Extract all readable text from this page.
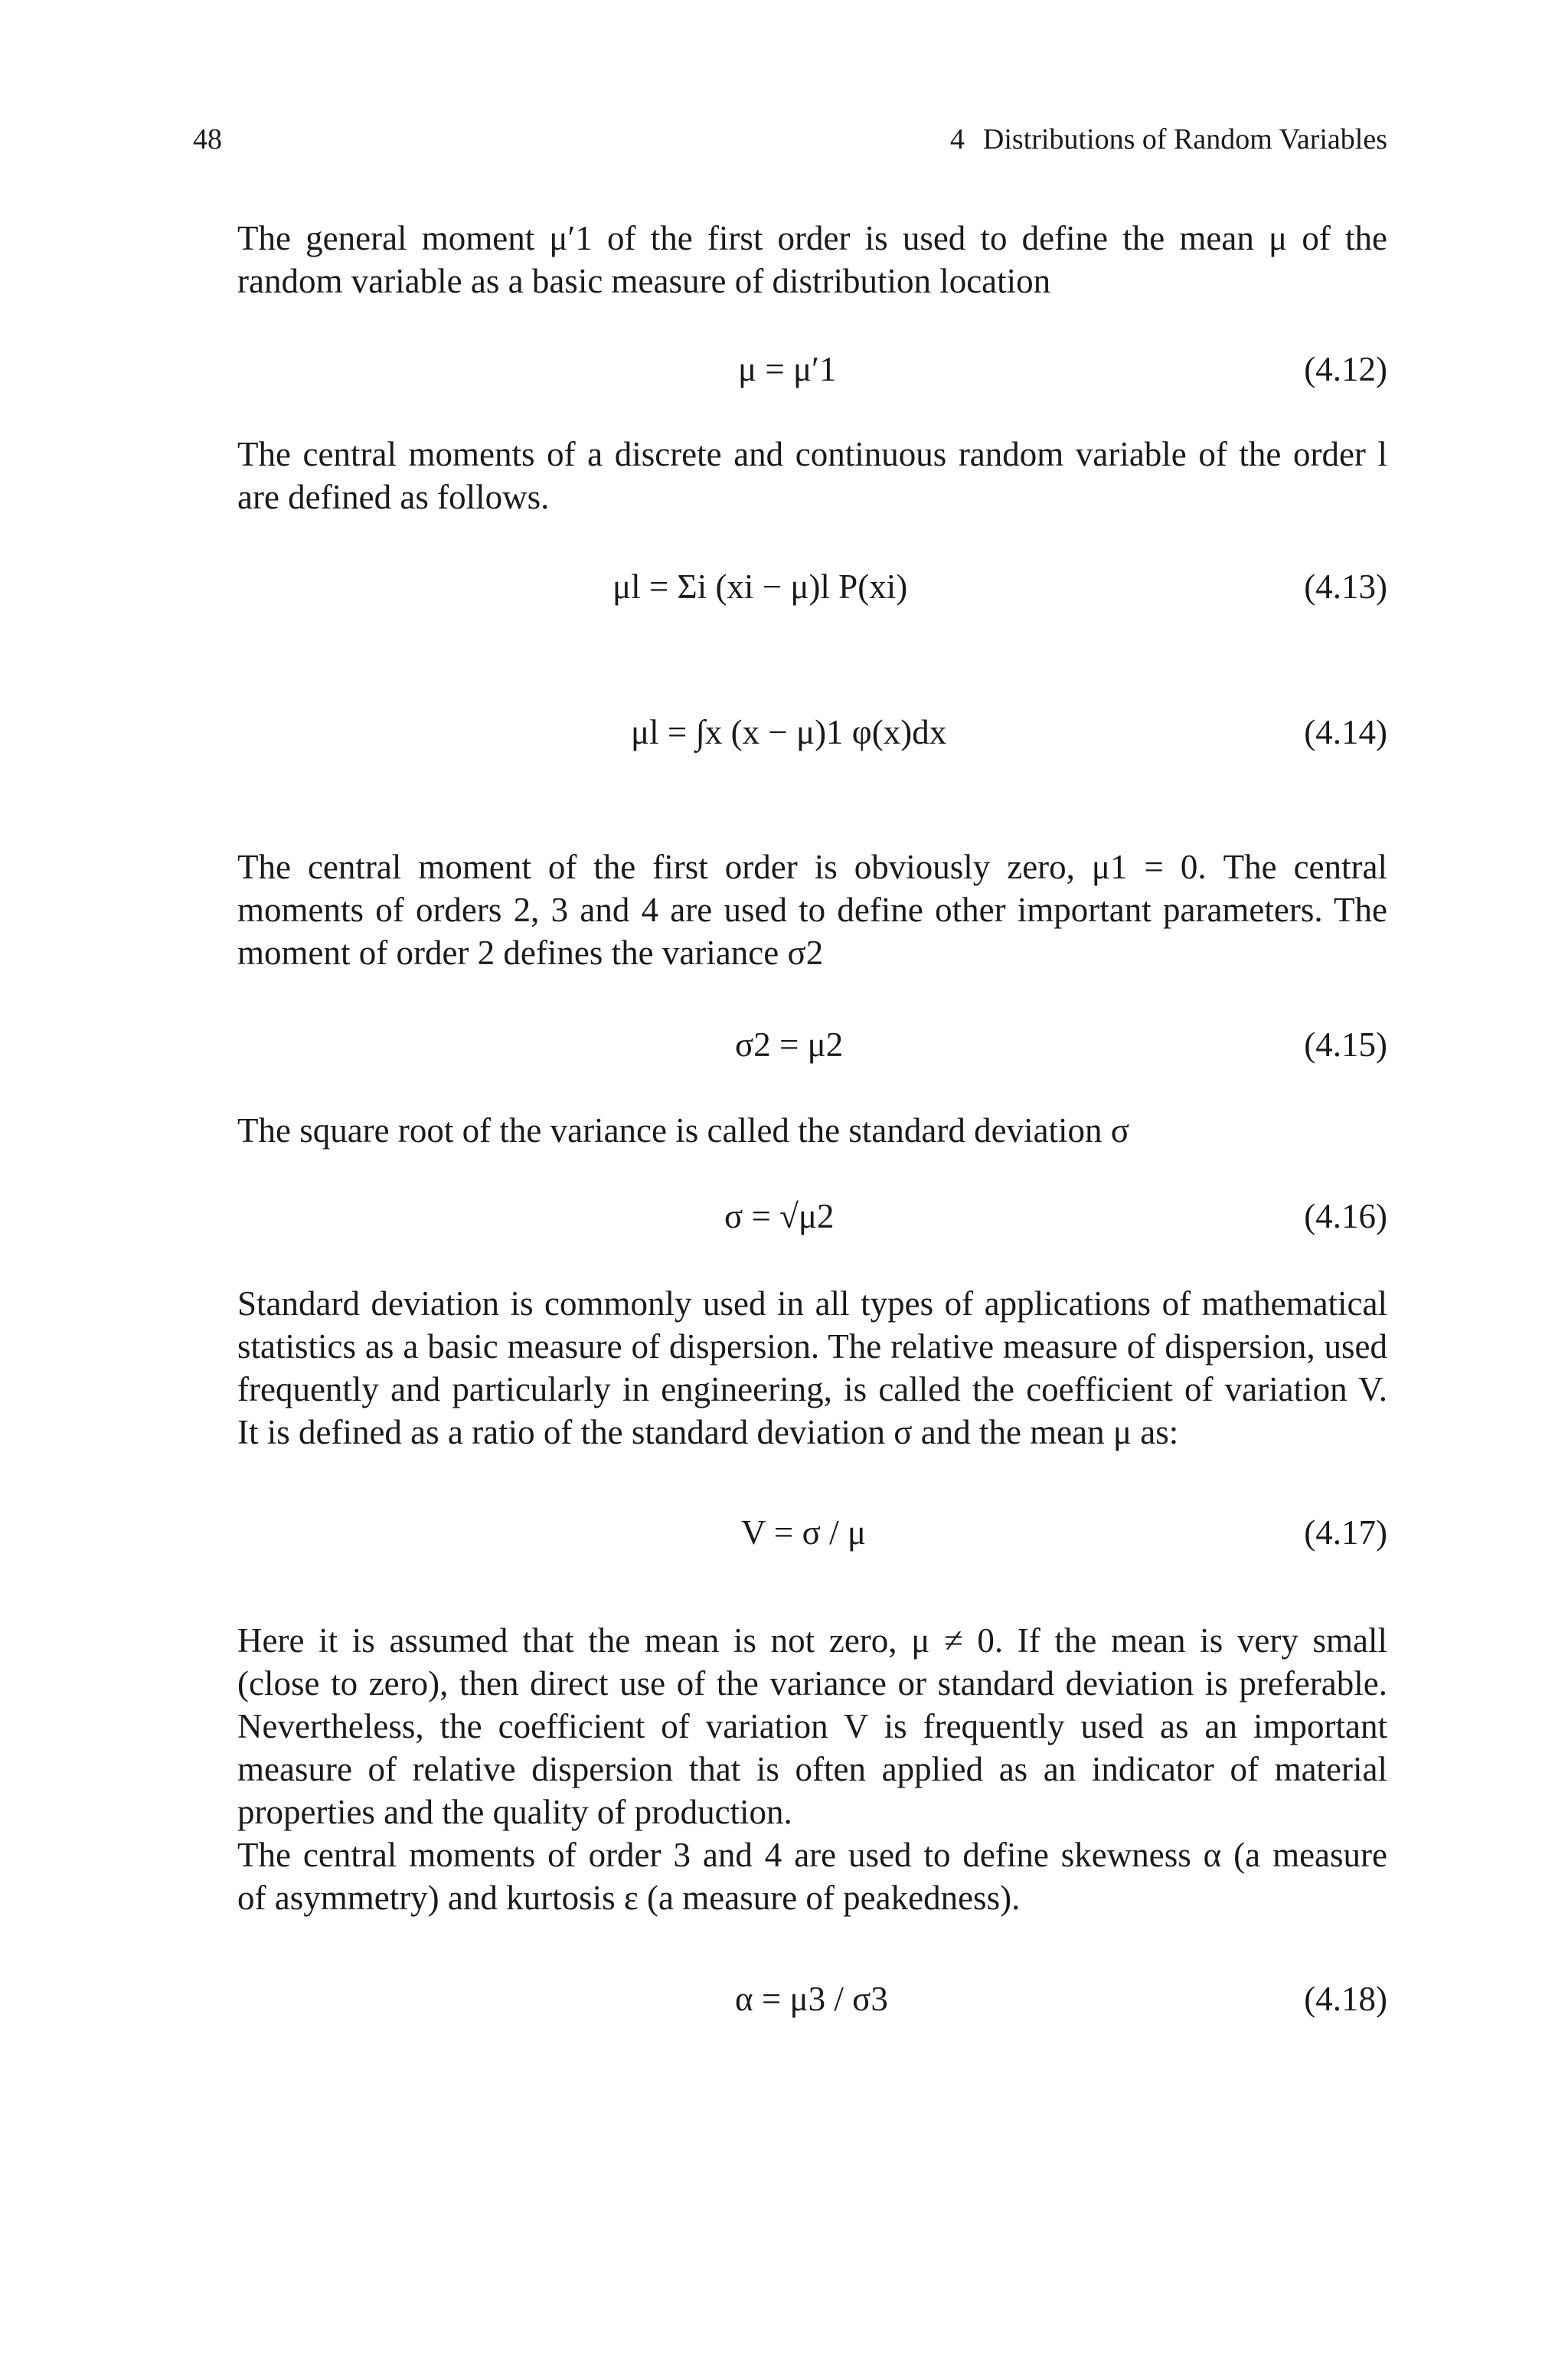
48	4 Distributions of Random Variables
The general moment μ′1 of the first order is used to define the mean μ of the
random variable as a basic measure of distribution location
μ = μ′1	(4.12)
The central moments of a discrete and continuous random variable of the order l
are defined as follows.
μl = Σi (xi − μ)l P(xi)	(4.13)
μl = ∫x (x − μ)1 φ(x)dx	(4.14)
The central moment of the first order is obviously zero, μ1 = 0. The central
moments of orders 2, 3 and 4 are used to define other important parameters. The
moment of order 2 defines the variance σ2
σ2 = μ2	(4.15)
The square root of the variance is called the standard deviation σ
σ = √μ2	(4.16)
Standard deviation is commonly used in all types of applications of mathematical
statistics as a basic measure of dispersion. The relative measure of dispersion, used
frequently and particularly in engineering, is called the coefficient of variation V.
It is defined as a ratio of the standard deviation σ and the mean μ as:
V = σ / μ	(4.17)
Here it is assumed that the mean is not zero, μ ≠ 0. If the mean is very small
(close to zero), then direct use of the variance or standard deviation is preferable.
Nevertheless, the coefficient of variation V is frequently used as an important
measure of relative dispersion that is often applied as an indicator of material
properties and the quality of production.
The central moments of order 3 and 4 are used to define skewness α (a measure
of asymmetry) and kurtosis ε (a measure of peakedness).
α = μ3 / σ3	(4.18)
